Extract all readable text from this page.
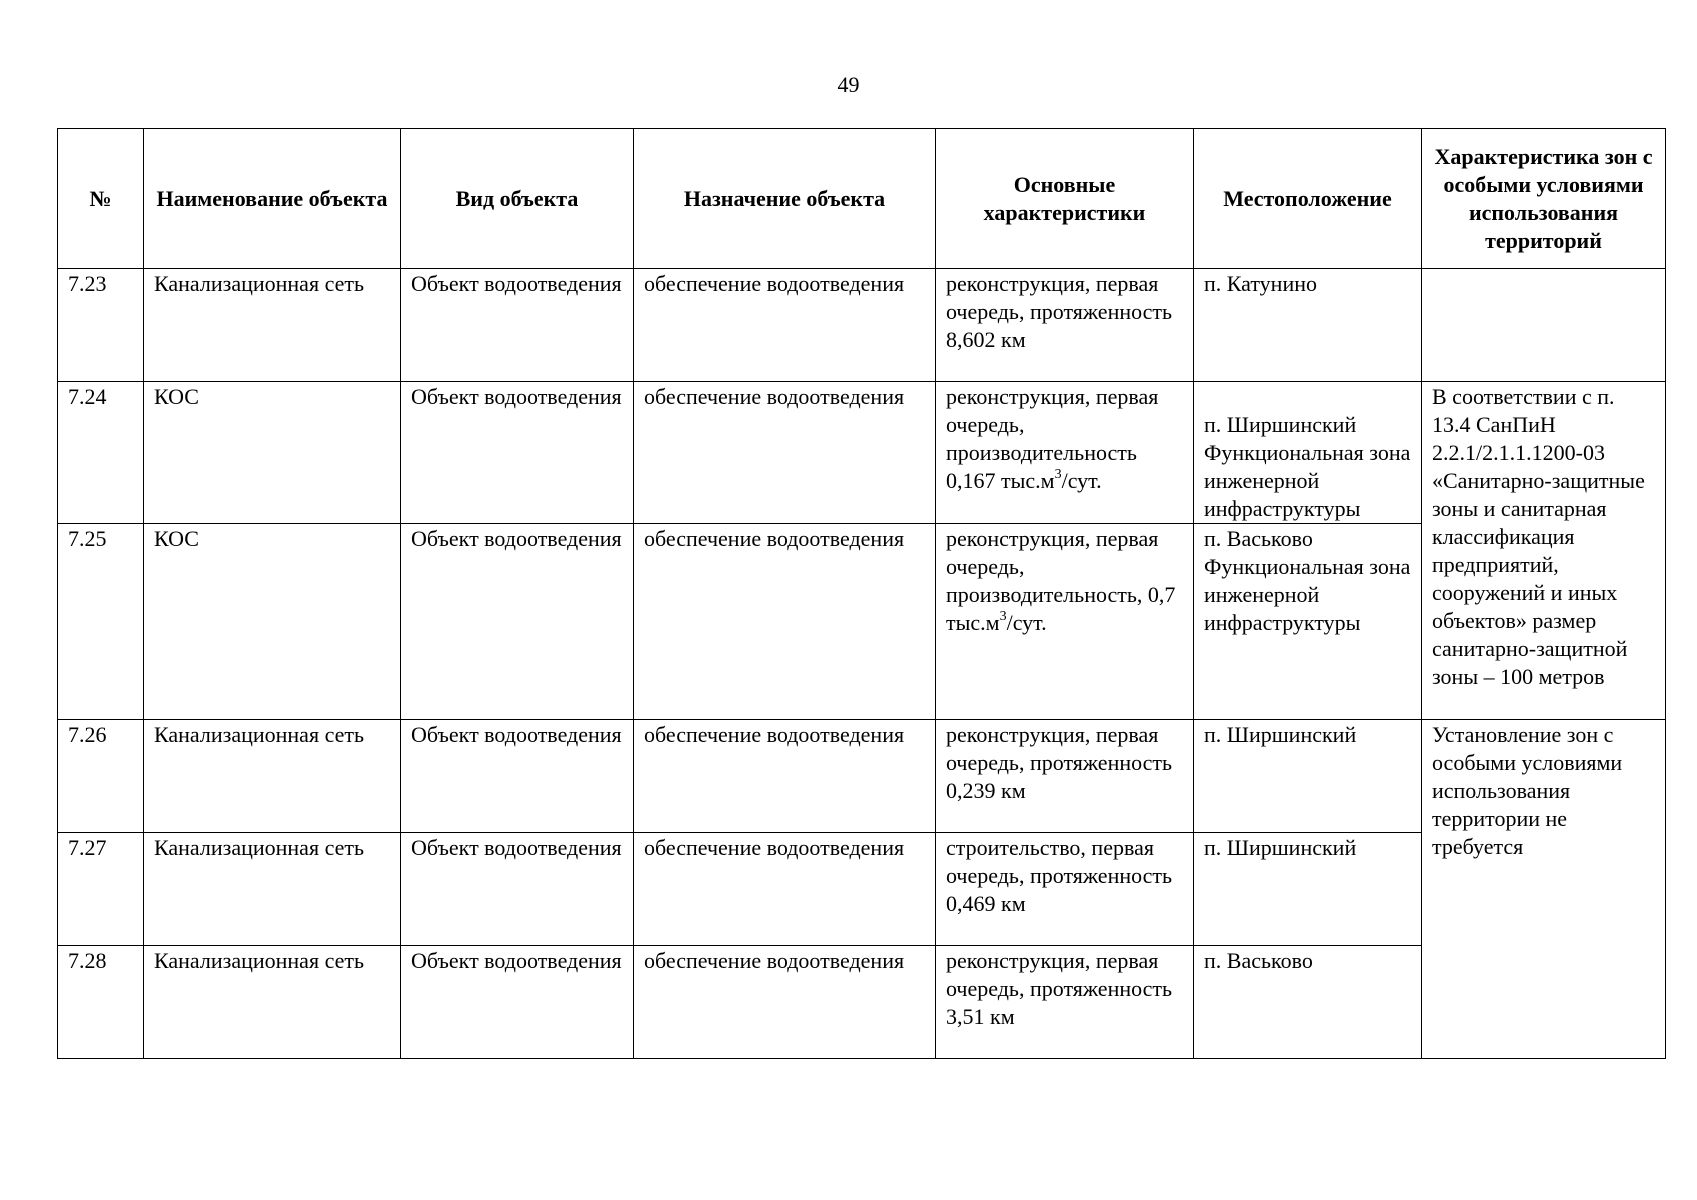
49
№	Наименование объекта	Вид объекта	Назначение объекта	Основные характеристики	Местоположение	Характеристика зон с особыми условиями использования территорий
7.23	Канализационная сеть	Объект водоотведения	обеспечение водоотведения	реконструкция, первая очередь, протяженность 8,602 км	п. Катунино	
7.24	КОС	Объект водоотведения	обеспечение водоотведения	реконструкция, первая очередь, производительность 0,167 $тыс.м^3$/сут.	п. Ширшинский Функциональная зона инженерной инфраструктуры	В соответствии с п. 13.4 СанПиН 2.2.1/2.1.1.1200-03 «Санитарно-защитные зоны и санитарная классификация предприятий, сооружений и иных объектов» размер санитарно-защитной зоны – 100 метров
7.25	КОС	Объект водоотведения	обеспечение водоотведения	реконструкция, первая очередь, производительность, 0,7 $тыс.м^3$/сут.	п. Васьково Функциональная зона инженерной инфраструктуры	
7.26	Канализационная сеть	Объект водоотведения	обеспечение водоотведения	реконструкция, первая очередь, протяженность 0,239 км	п. Ширшинский	Установление зон с особыми условиями использования территории не требуется
7.27	Канализационная сеть	Объект водоотведения	обеспечение водоотведения	строительство, первая очередь, протяженность 0,469 км	п. Ширшинский	
7.28	Канализационная сеть	Объект водоотведения	обеспечение водоотведения	реконструкция, первая очередь, протяженность 3,51 км	п. Васьково	
